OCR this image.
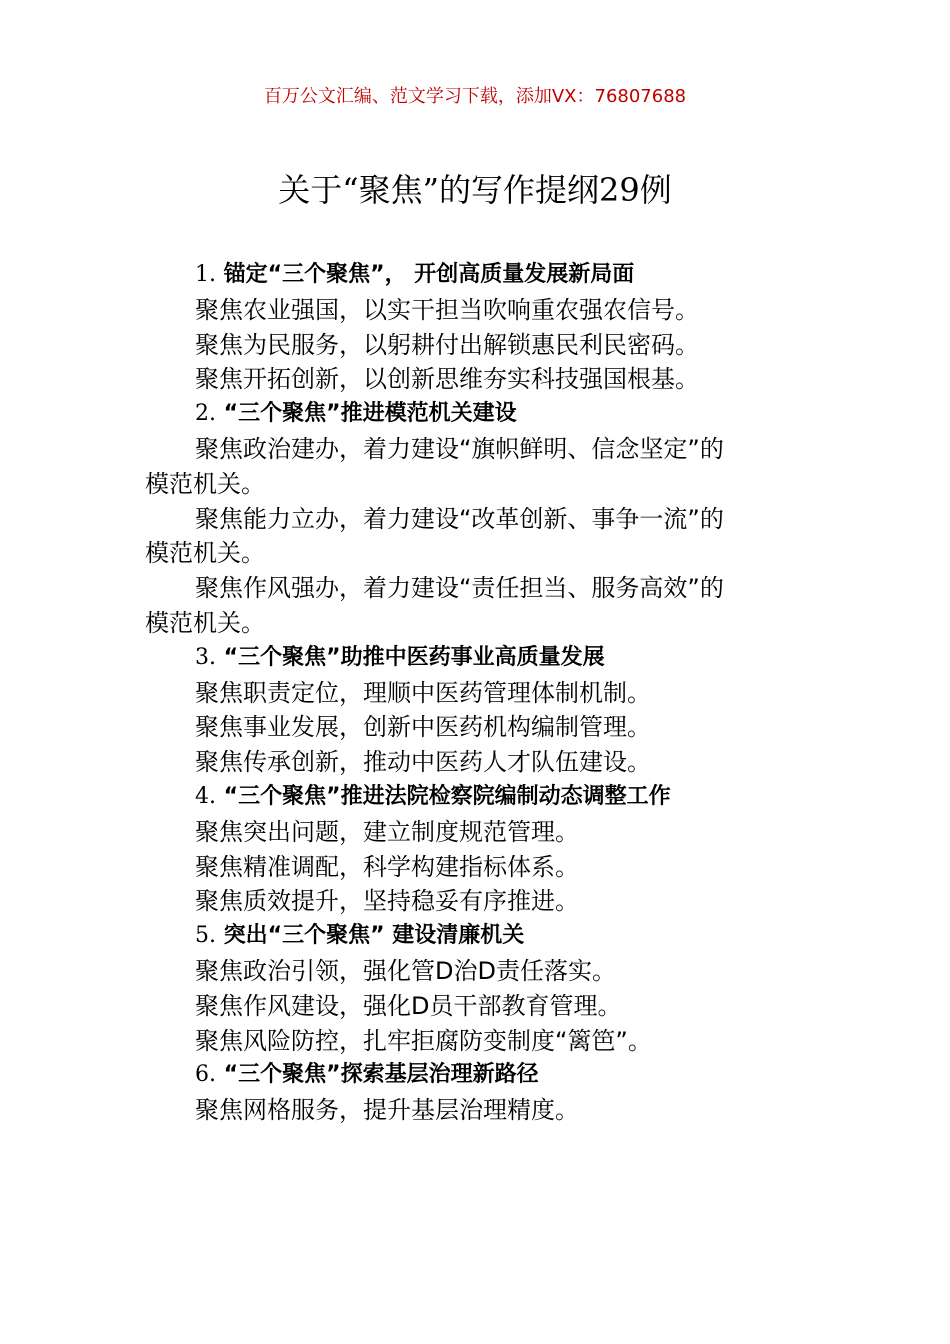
百万公文汇编、范文学习下载，添加VX：76807688
关于“聚焦”的写作提纲29例

1. 锚定“三个聚焦”， 开创高质量发展新局面

聚焦农业强国，以实干担当吹响重农强农信号。

聚焦为民服务，以躬耕付出解锁惠民利民密码。

聚焦开拓创新，以创新思维夯实科技强国根基。

2. “三个聚焦”推进模范机关建设

聚焦政治建办，着力建设“旗帜鲜明、信念坚定”的

模范机关。

聚焦能力立办，着力建设“改革创新、事争一流”的

模范机关。

聚焦作风强办，着力建设“责任担当、服务高效”的

模范机关。

3. “三个聚焦”助推中医药事业高质量发展

聚焦职责定位，理顺中医药管理体制机制。

聚焦事业发展，创新中医药机构编制管理。

聚焦传承创新，推动中医药人才队伍建设。

4. “三个聚焦”推进法院检察院编制动态调整工作

聚焦突出问题，建立制度规范管理。

聚焦精准调配，科学构建指标体系。

聚焦质效提升，坚持稳妥有序推进。

5. 突出“三个聚焦” 建设清廉机关

聚焦政治引领，强化管D治D责任落实。

聚焦作风建设，强化D员干部教育管理。

聚焦风险防控，扎牢拒腐防变制度“篱笆”。

6. “三个聚焦”探索基层治理新路径

聚焦网格服务，提升基层治理精度。
